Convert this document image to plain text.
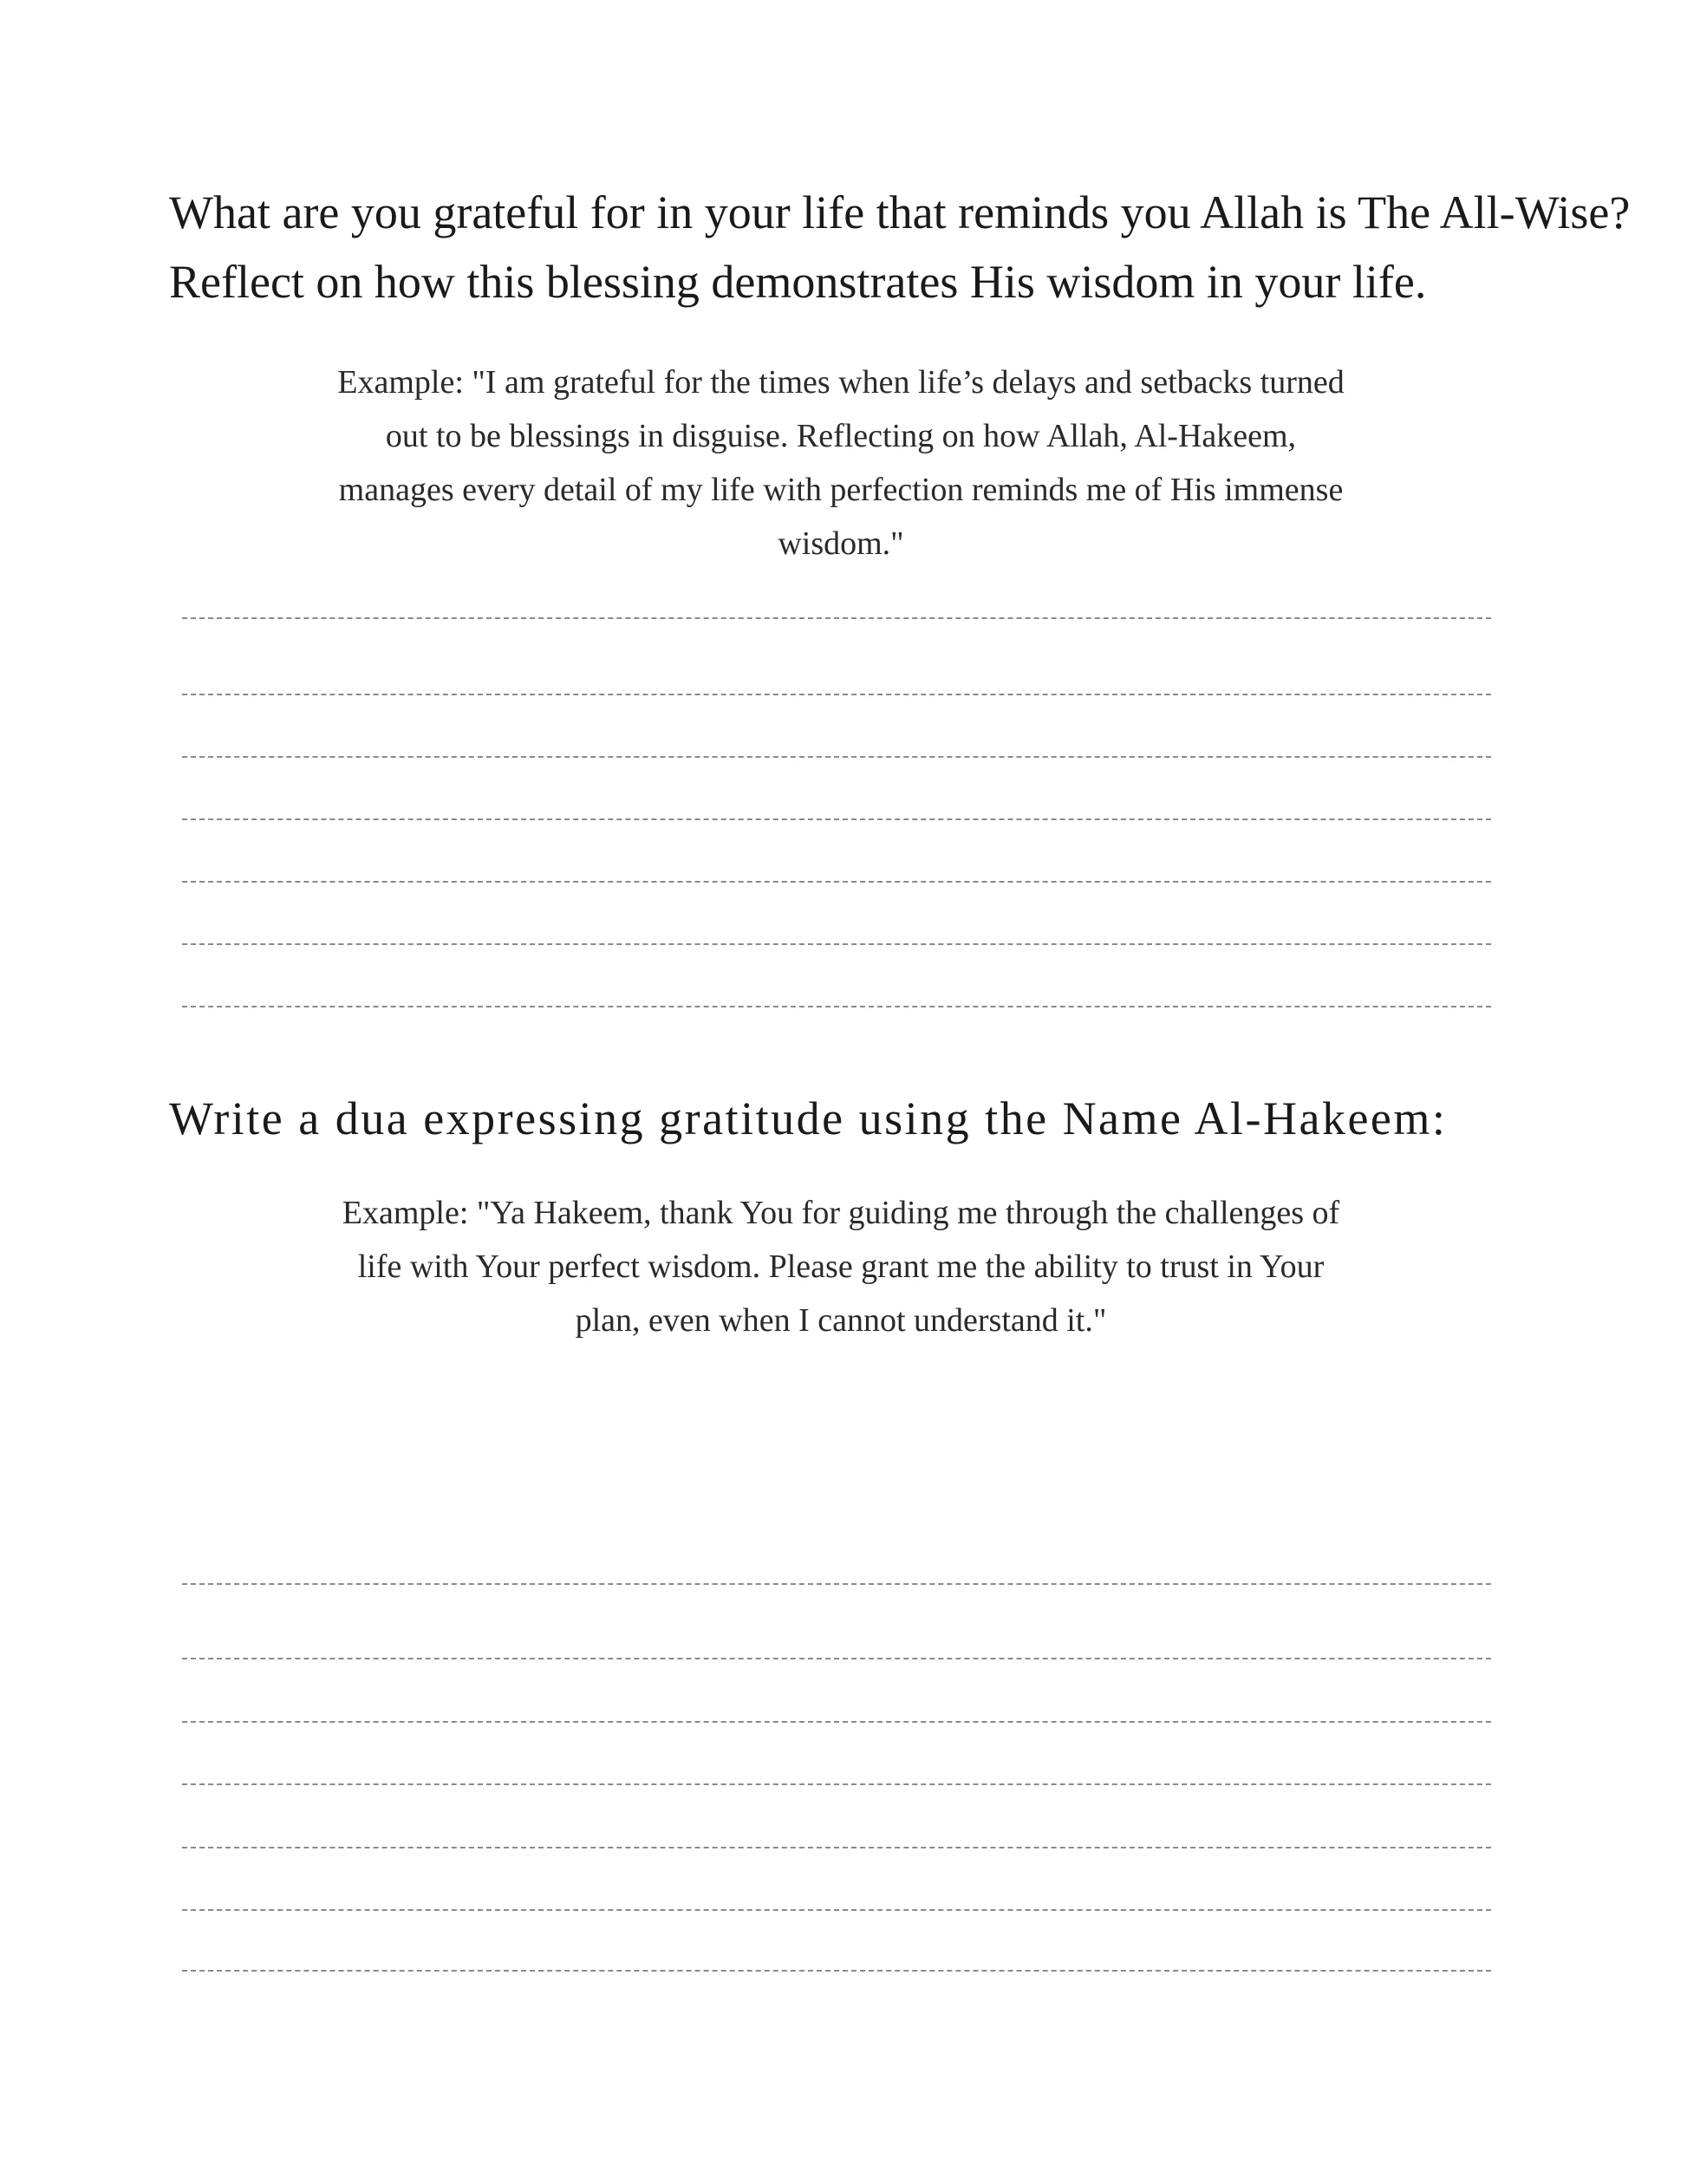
What are you grateful for in your life that reminds you Allah is The All-Wise?
Reflect on how this blessing demonstrates His wisdom in your life.
Example: "I am grateful for the times when life’s delays and setbacks turned
out to be blessings in disguise. Reflecting on how Allah, Al-Hakeem,
manages every detail of my life with perfection reminds me of His immense
wisdom."
Write a dua expressing gratitude using the Name Al-Hakeem:
Example: "Ya Hakeem, thank You for guiding me through the challenges of
life with Your perfect wisdom. Please grant me the ability to trust in Your
plan, even when I cannot understand it."
